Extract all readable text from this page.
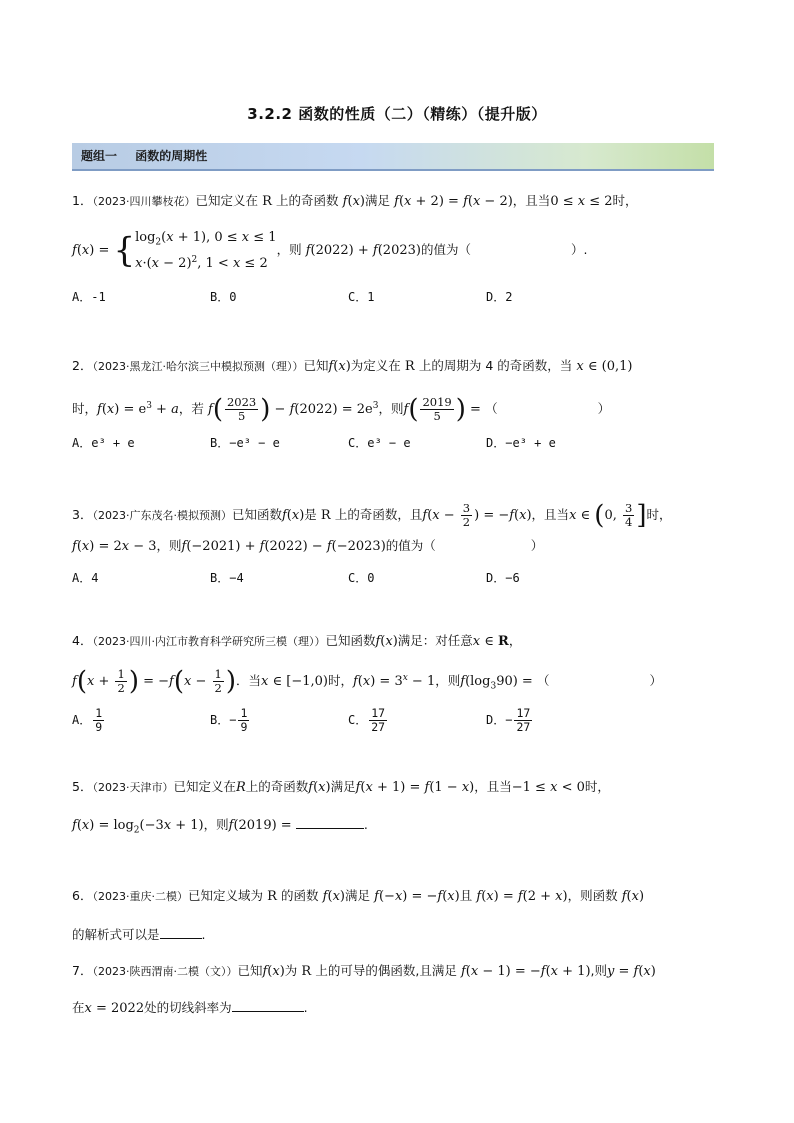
3.2.2 函数的性质（二）（精练）（提升版）
题组一 函数的周期性
1．（2023·四川攀枝花）已知定义在 R 上的奇函数 f(x)满足 f(x + 2) = f(x − 2)，且当0 ≤ x ≤ 2时，
f(x) = { $\log_2(x + 1)$, 0 ≤ x ≤ 1
$x\cdot(x - 2)^2$, 1 < x ≤ 2
，则 f(2022) + f(2023)的值为（	）.
A．-1	B．0	C．1	D．2
2．（2023·黑龙江·哈尔滨三中模拟预测（理））已知f(x)为定义在 R 上的周期为 4 的奇函数，当 x ∈ (0,1)
时，$f(x) = e^3 + a$，若 $f( \frac{2023}{5}$ ) − $f(2022) = 2e^3$，则$f( \frac{2019}{5}$ ) = （	）
A．e³ + e	B．−e³ − e	C．e³ − e	D．−e³ + e
3．（2023·广东茂名·模拟预测）已知函数f(x)是 R 上的奇函数，且$f(x - \frac{3}{2}$ ) = −f(x)，且当x ∈ (0, $\frac{3}{4}$ ]时，
f(x) = 2x − 3，则f(−2021) + f(2022) − f(−2023)的值为（	）
A．4	B．−4	C．0	D．−6
4．（2023·四川·内江市教育科学研究所三模（理））已知函数f(x)满足：对任意x ∈ R，
$f(x + \frac{1}{2}$ ) = $-f(x - \frac{1}{2}$ )．当x ∈ [−1,0)时，$f(x) = 3^x - 1$，则$f(\log_390)$ = （	）
A． $\frac{1}{9}$	B．− $\frac{1}{9}$	C． $\frac{17}{27}$	D．− $\frac{17}{27}$
5．（2023·天津市）已知定义在R上的奇函数f(x)满足f(x + 1) = f(1 − x)，且当−1 ≤ x < 0时，
$f(x) = \log_2(-3x + 1)$，则f(2019) =	.
6．（2023·重庆·二模）已知定义域为 R 的函数 f(x)满足 f(−x) = −f(x)且 f(x) = f(2 + x)，则函数 f(x)
的解析式可以是	.
7．（2023·陕西渭南·二模（文））已知f(x)为 R 上的可导的偶函数,且满足 f(x − 1) = −f(x + 1),则y = f(x)
在x = 2022处的切线斜率为	.
